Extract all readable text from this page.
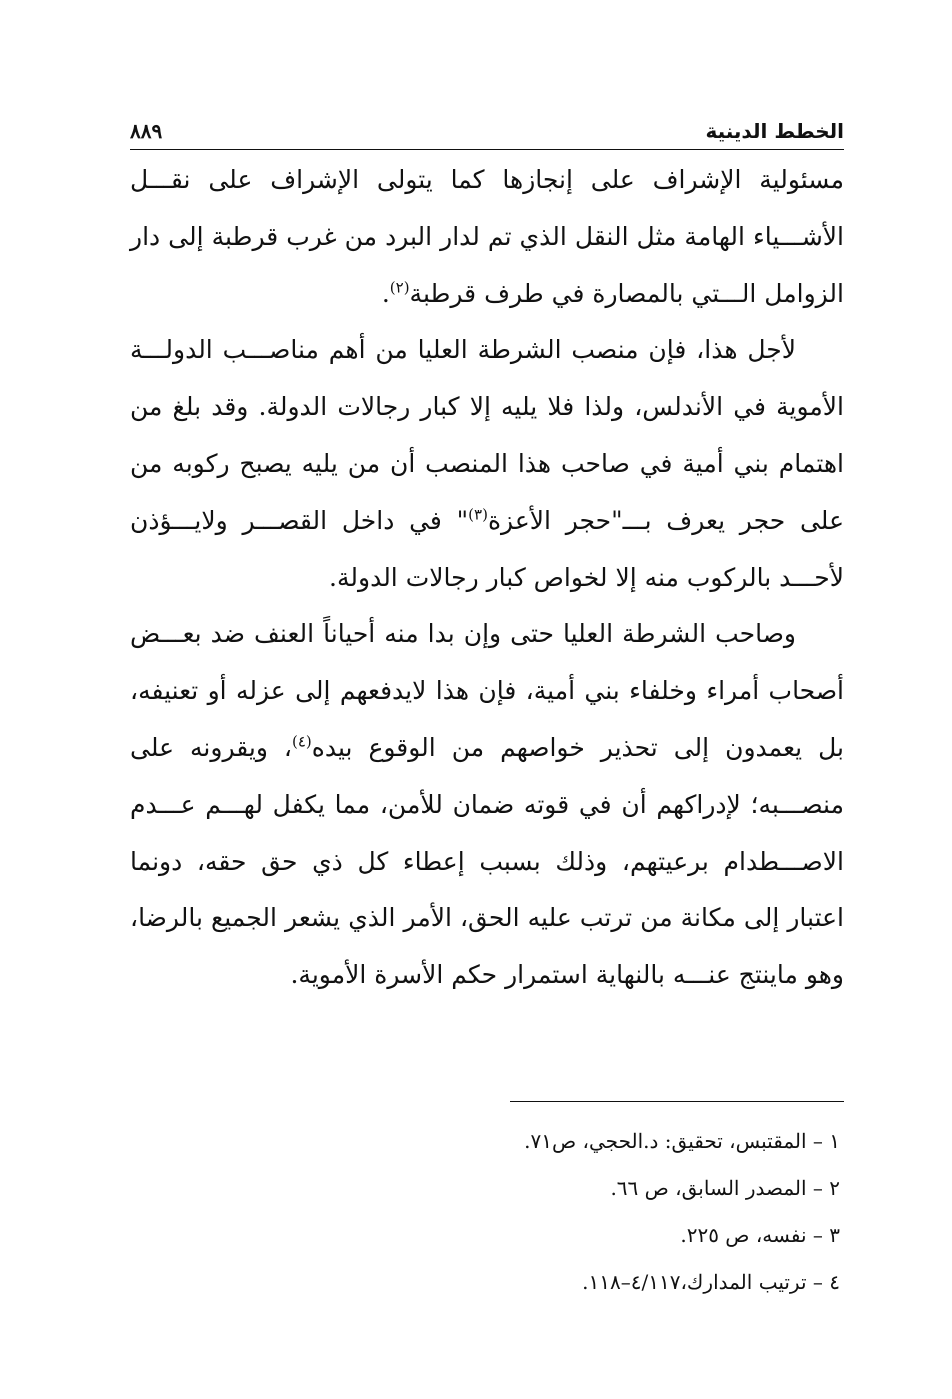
٨٨٩	الخطط الدينية

مسئولية الإشراف على إنجازها كما يتولى الإشراف على نقـــل الأشـــياء الهامة مثل النقل الذي تم لدار البرد من غرب قرطبة إلى دار الزوامل الـــتي بالمصارة في طرف قرطبة$^{(٢)}$.

لأجل هذا، فإن منصب الشرطة العليا من أهم مناصـــب الدولـــة الأموية في الأندلس، ولذا فلا يليه إلا كبار رجالات الدولة. وقد بلغ من اهتمام بني أمية في صاحب هذا المنصب أن من يليه يصبح ركوبه من على حجر يعرف بـــ"حجر الأعزة$^{(٣)}$" في داخل القصـــر ولايـــؤذن لأحـــد بالركوب منه إلا لخواص كبار رجالات الدولة.

وصاحب الشرطة العليا حتى وإن بدا منه أحياناً العنف ضد بعـــض أصحاب أمراء وخلفاء بني أمية، فإن هذا لايدفعهم إلى عزله أو تعنيفه، بل يعمدون إلى تحذير خواصهم من الوقوع بيده$^{(٤)}$، ويقرونه على منصـــبه؛ لإدراكهم أن في قوته ضمان للأمن، مما يكفل لهـــم عـــدم الاصـــطدام برعيتهم، وذلك بسبب إعطاء كل ذي حق حقه، دونما اعتبار إلى مكانة من ترتب عليه الحق، الأمر الذي يشعر الجميع بالرضا، وهو ماينتج عنـــه بالنهاية استمرار حكم الأسرة الأموية.

١ – المقتبس، تحقيق: د.الحجي، ص٧١.

٢ – المصدر السابق، ص ٦٦.

٣ – نفسه، ص ٢٢٥.

٤ – ترتيب المدارك،٤/١١٧–١١٨.
